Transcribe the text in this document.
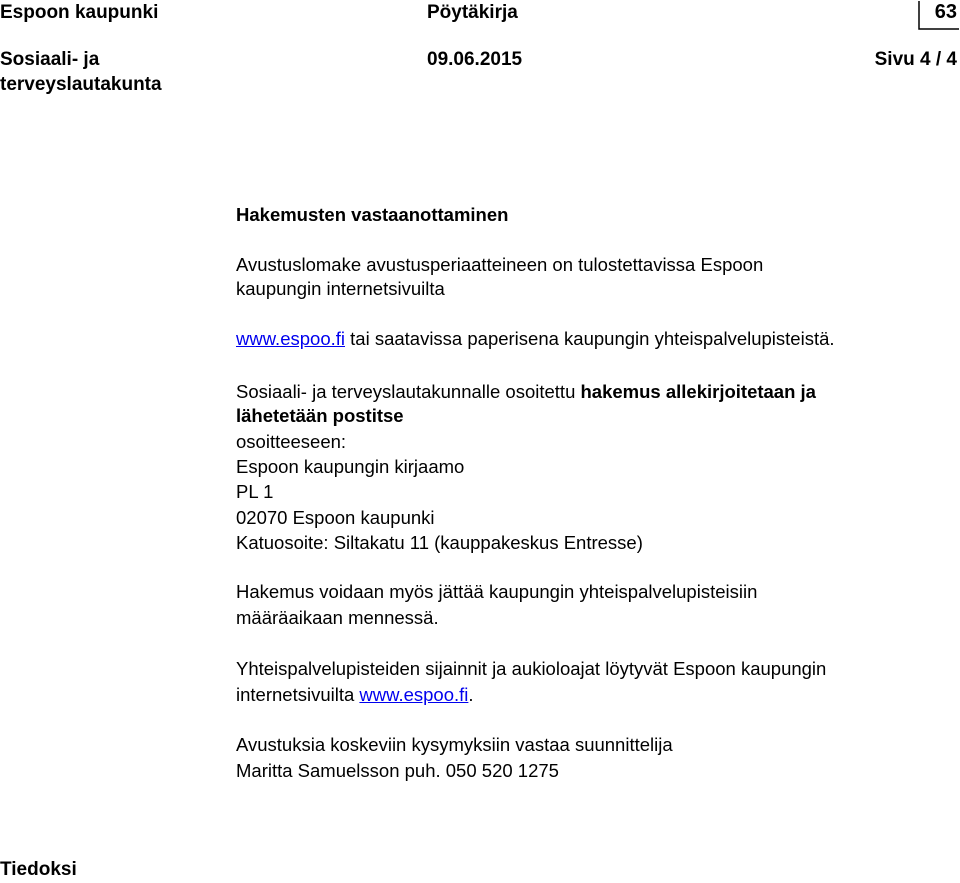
Espoon kaupunki	Pöytäkirja	63
Sosiaali- ja
terveyslautakunta
09.06.2015	Sivu 4 / 4
Hakemusten vastaanottaminen
Avustuslomake avustusperiaatteineen on tulostettavissa Espoon
kaupungin internetsivuilta
www.espoo.fi tai saatavissa paperisena kaupungin yhteispalvelupisteistä.
Sosiaali- ja terveyslautakunnalle osoitettu hakemus allekirjoitetaan ja
lähetetään postitse
osoitteeseen:
Espoon kaupungin kirjaamo
PL 1
02070 Espoon kaupunki
Katuosoite: Siltakatu 11 (kauppakeskus Entresse)
Hakemus voidaan myös jättää kaupungin yhteispalvelupisteisiin
määräaikaan mennessä.
Yhteispalvelupisteiden sijainnit ja aukioloajat löytyvät Espoon kaupungin
internetsivuilta www.espoo.fi.
Avustuksia koskeviin kysymyksiin vastaa suunnittelija
Maritta Samuelsson puh. 050 520 1275
Tiedoksi
